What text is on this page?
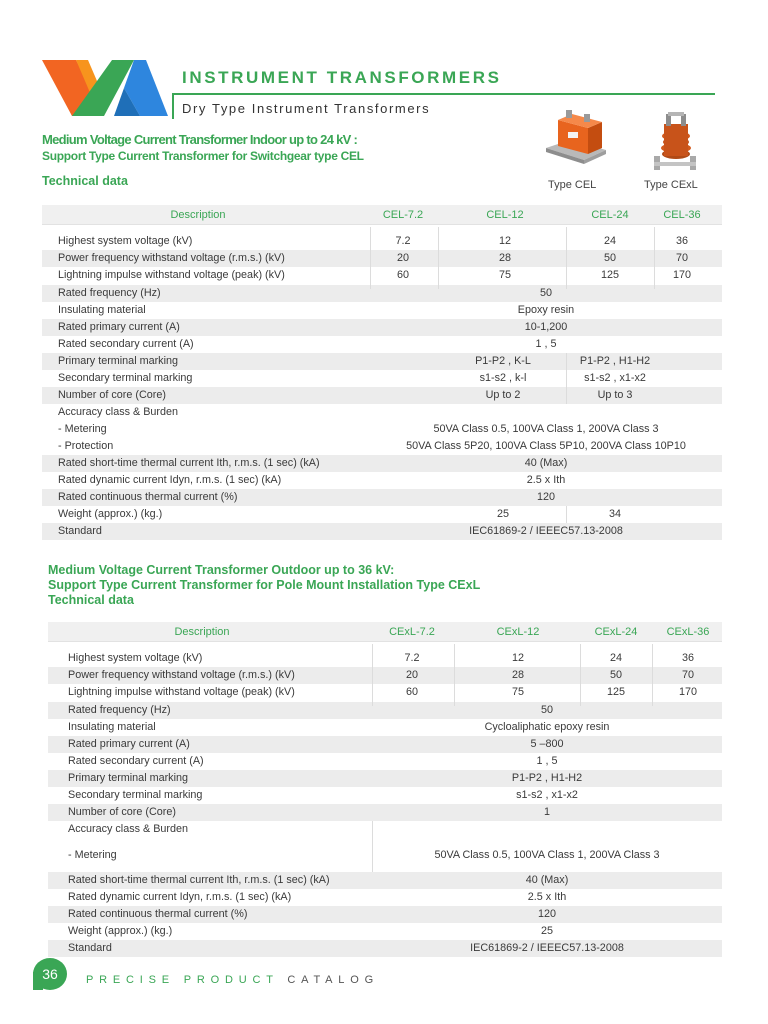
INSTRUMENT TRANSFORMERS
Dry Type Instrument Transformers
Medium Voltage Current Transformer Indoor up to 24 kV :
Support Type Current Transformer for Switchgear type CEL
Technical data	Type CEL	Type CExL
Description	CEL-7.2	CEL-12	CEL-24	CEL-36
Highest system voltage (kV)	7.2	12	24	36
Power frequency withstand voltage (r.m.s.) (kV)	20	28	50	70
Lightning impulse withstand voltage (peak) (kV)	60	75	125	170
Rated frequency (Hz)	50
Insulating material	Epoxy resin
Rated primary current (A)	10-1,200
Rated secondary current (A)	1 , 5
Primary terminal marking	P1-P2 , K-L	P1-P2 , H1-H2
Secondary terminal marking	s1-s2 , k-l	s1-s2 , x1-x2
Number of core (Core)	Up to 2	Up to 3
Accuracy class & Burden
- Metering	50VA Class 0.5, 100VA Class 1, 200VA Class 3
- Protection	50VA Class 5P20, 100VA Class 5P10, 200VA Class 10P10
Rated short-time thermal current Ith, r.m.s. (1 sec) (kA)	40 (Max)
Rated dynamic current Idyn, r.m.s. (1 sec) (kA)	2.5 x Ith
Rated continuous thermal current (%)	120
Weight (approx.) (kg.)	25	34
Standard	IEC61869-2 / IEEEC57.13-2008
Medium Voltage Current Transformer Outdoor up to 36 kV:
Support Type Current Transformer for Pole Mount Installation Type CExL
Technical data
Description	CExL-7.2	CExL-12	CExL-24	CExL-36
Highest system voltage (kV)	7.2	12	24	36
Power frequency withstand voltage (r.m.s.) (kV)	20	28	50	70
Lightning impulse withstand voltage (peak) (kV)	60	75	125	170
Rated frequency (Hz)	50
Insulating material	Cycloaliphatic epoxy resin
Rated primary current (A)	5 –800
Rated secondary current (A)	1 , 5
Primary terminal marking	P1-P2 , H1-H2
Secondary terminal marking	s1-s2 , x1-x2
Number of core (Core)	1
Accuracy class & Burden
- Metering	50VA Class 0.5, 100VA Class 1, 200VA Class 3
Rated short-time thermal current Ith, r.m.s. (1 sec) (kA)	40 (Max)
Rated dynamic current Idyn, r.m.s. (1 sec) (kA)	2.5 x Ith
Rated continuous thermal current (%)	120
Weight (approx.) (kg.)	25
Standard	IEC61869-2 / IEEEC57.13-2008
36	PRECISE PRODUCT CATALOG
